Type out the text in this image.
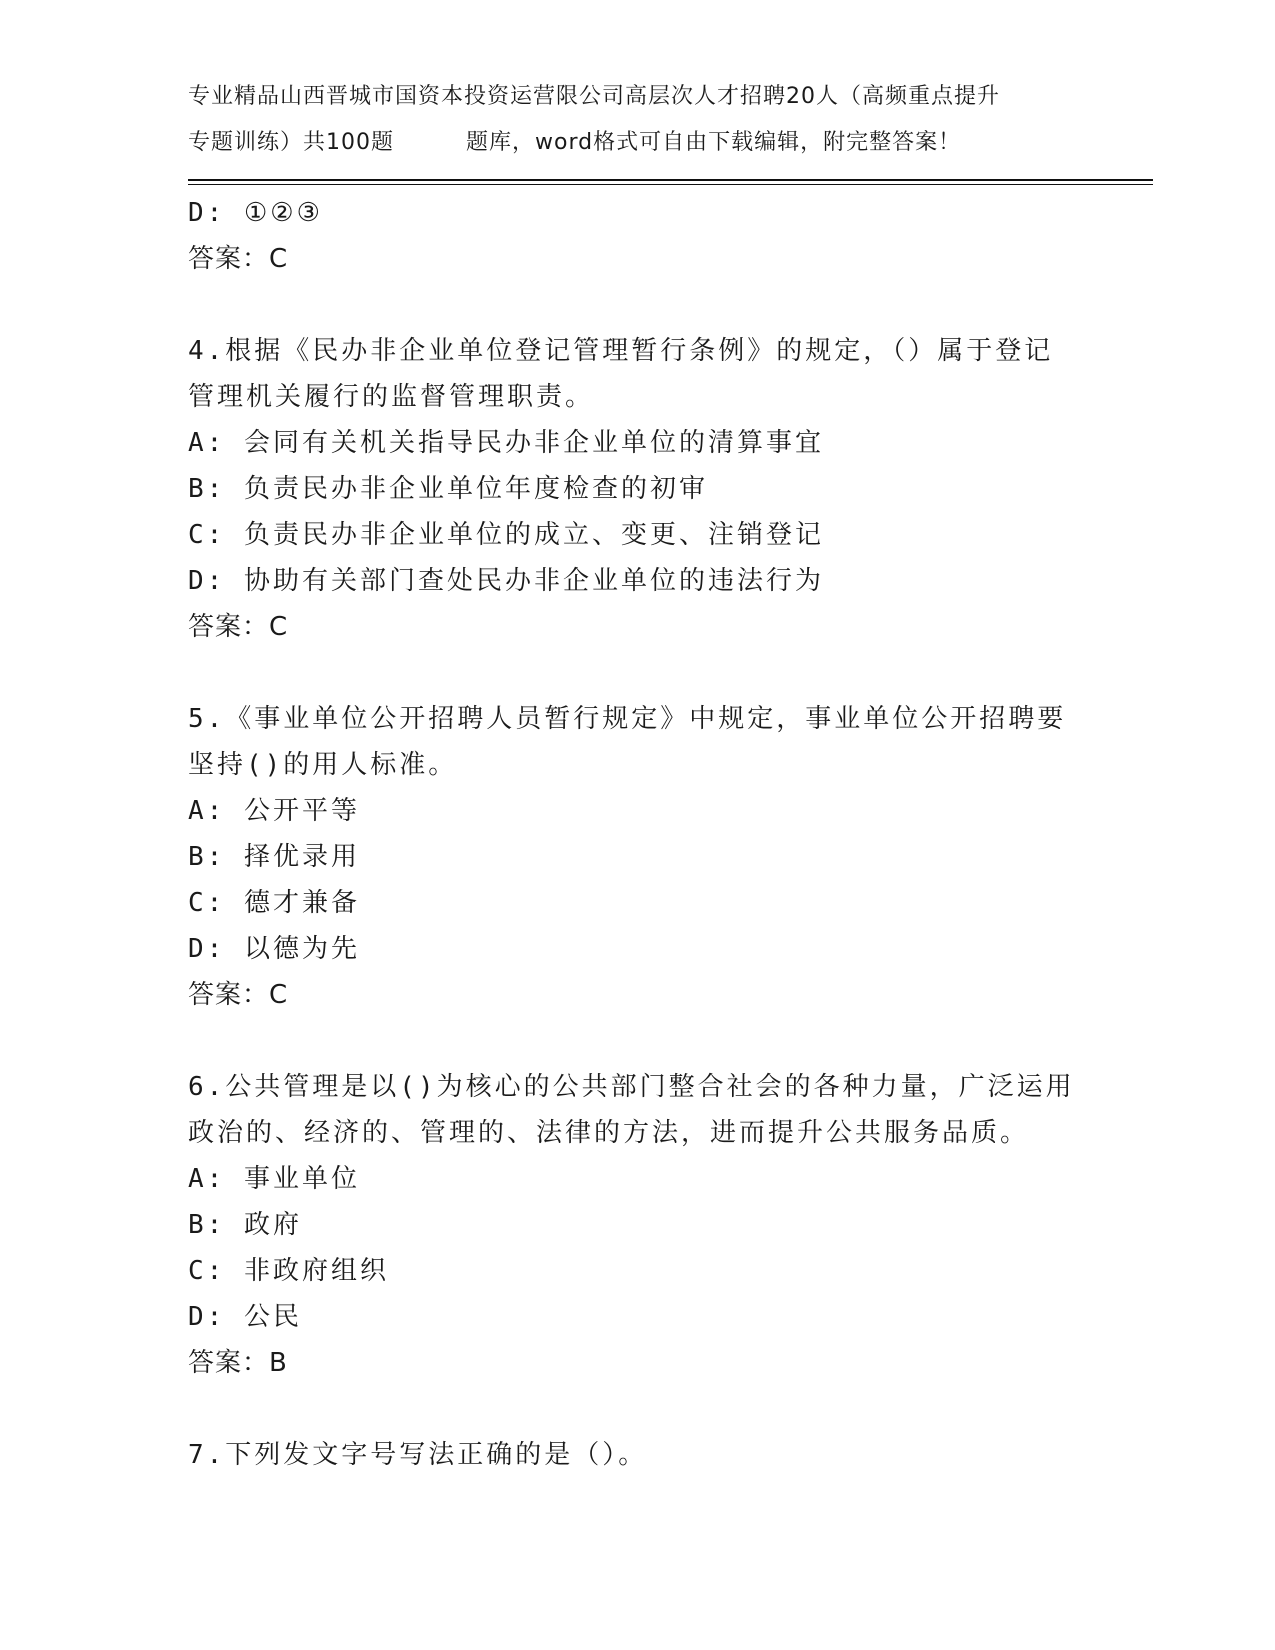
专业精品山西晋城市国资本投资运营限公司高层次人才招聘20人（高频重点提升
专题训练）共100题	题库，word格式可自由下载编辑，附完整答案！
D: ①②③
答案：C
4.根据《民办非企业单位登记管理暂行条例》的规定，（）属于登记
管理机关履行的监督管理职责。
A: 会同有关机关指导民办非企业单位的清算事宜
B: 负责民办非企业单位年度检查的初审
C: 负责民办非企业单位的成立、变更、注销登记
D: 协助有关部门查处民办非企业单位的违法行为
答案：C
5.《事业单位公开招聘人员暂行规定》中规定，事业单位公开招聘要
坚持()的用人标准。
A: 公开平等
B: 择优录用
C: 德才兼备
D: 以德为先
答案：C
6.公共管理是以()为核心的公共部门整合社会的各种力量，广泛运用
政治的、经济的、管理的、法律的方法，进而提升公共服务品质。
A: 事业单位
B: 政府
C: 非政府组织
D: 公民
答案：B
7.下列发文字号写法正确的是（）。
